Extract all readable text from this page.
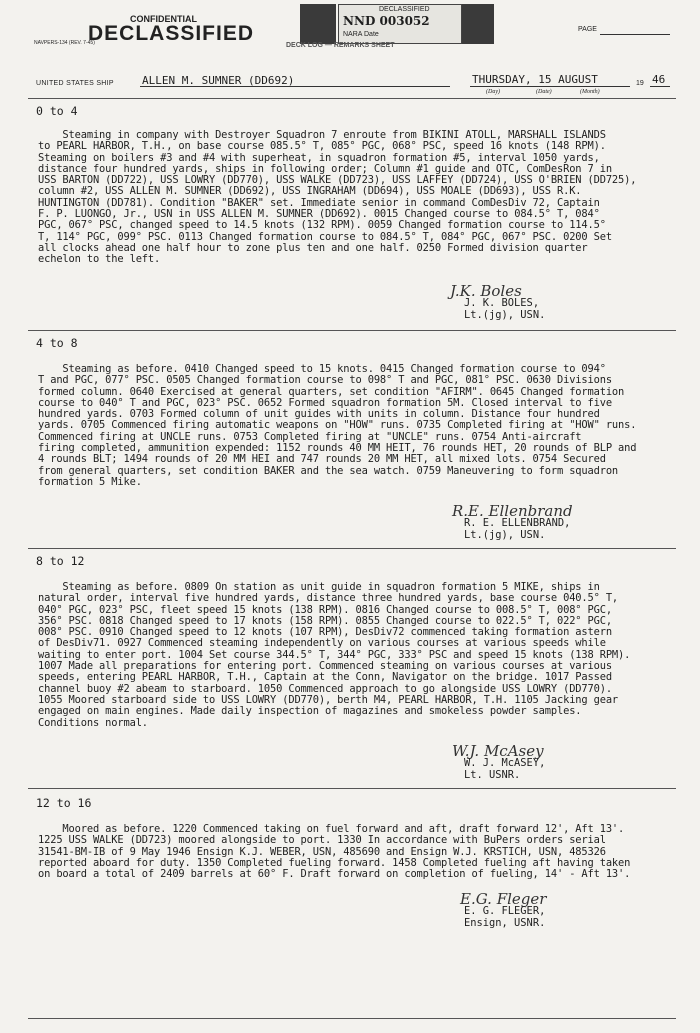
CONFIDENTIAL
DECLASSIFIED
NAVPERS-134 (REV. 7-45)
DECLASSIFIED
NND 003052
NARA Date
DECK LOG — REMARKS SHEET
PAGE
UNITED STATES SHIP	ALLEN M. SUMNER (DD692)	THURSDAY, 15 AUGUST	19 46
(Day)	(Date)	(Month)
0 to 4
Steaming in company with Destroyer Squadron 7 enroute from BIKINI ATOLL, MARSHALL ISLANDS
to PEARL HARBOR, T.H., on base course 085.5° T, 085° PGC, 068° PSC, speed 16 knots (148 RPM).
Steaming on boilers #3 and #4 with superheat, in squadron formation #5, interval 1050 yards,
distance four hundred yards, ships in following order; Column #1 guide and OTC, ComDesRon 7 in
USS BARTON (DD722), USS LOWRY (DD770), USS WALKE (DD723), USS LAFFEY (DD724), USS O'BRIEN (DD725),
column #2, USS ALLEN M. SUMNER (DD692), USS INGRAHAM (DD694), USS MOALE (DD693), USS R.K.
HUNTINGTON (DD781). Condition "BAKER" set. Immediate senior in command ComDesDiv 72, Captain
F. P. LUONGO, Jr., USN in USS ALLEN M. SUMNER (DD692). 0015 Changed course to 084.5° T, 084°
PGC, 067° PSC, changed speed to 14.5 knots (132 RPM). 0059 Changed formation course to 114.5°
T, 114° PGC, 099° PSC. 0113 Changed formation course to 084.5° T, 084° PGC, 067° PSC. 0200 Set
all clocks ahead one half hour to zone plus ten and one half. 0250 Formed division quarter
echelon to the left.
J.K. Boles
J. K. BOLES,
Lt.(jg), USN.
4 to 8
Steaming as before. 0410 Changed speed to 15 knots. 0415 Changed formation course to 094°
T and PGC, 077° PSC. 0505 Changed formation course to 098° T and PGC, 081° PSC. 0630 Divisions
formed column. 0640 Exercised at general quarters, set condition "AFIRM". 0645 Changed formation
course to 040° T and PGC, 023° PSC. 0652 Formed squadron formation 5M. Closed interval to five
hundred yards. 0703 Formed column of unit guides with units in column. Distance four hundred
yards. 0705 Commenced firing automatic weapons on "HOW" runs. 0735 Completed firing at "HOW" runs.
Commenced firing at UNCLE runs. 0753 Completed firing at "UNCLE" runs. 0754 Anti-aircraft
firing completed, ammunition expended: 1152 rounds 40 MM HEIT, 76 rounds HET, 20 rounds of BLP and
4 rounds BLT; 1494 rounds of 20 MM HEI and 747 rounds 20 MM HET, all mixed lots. 0754 Secured
from general quarters, set condition BAKER and the sea watch. 0759 Maneuvering to form squadron
formation 5 Mike.
R.E. Ellenbrand
R. E. ELLENBRAND,
Lt.(jg), USN.
8 to 12
Steaming as before. 0809 On station as unit guide in squadron formation 5 MIKE, ships in
natural order, interval five hundred yards, distance three hundred yards, base course 040.5° T,
040° PGC, 023° PSC, fleet speed 15 knots (138 RPM). 0816 Changed course to 008.5° T, 008° PGC,
356° PSC. 0818 Changed speed to 17 knots (158 RPM). 0855 Changed course to 022.5° T, 022° PGC,
008° PSC. 0910 Changed speed to 12 knots (107 RPM), DesDiv72 commenced taking formation astern
of DesDiv71. 0927 Commenced steaming independently on various courses at various speeds while
waiting to enter port. 1004 Set course 344.5° T, 344° PGC, 333° PSC and speed 15 knots (138 RPM).
1007 Made all preparations for entering port. Commenced steaming on various courses at various
speeds, entering PEARL HARBOR, T.H., Captain at the Conn, Navigator on the bridge. 1017 Passed
channel buoy #2 abeam to starboard. 1050 Commenced approach to go alongside USS LOWRY (DD770).
1055 Moored starboard side to USS LOWRY (DD770), berth M4, PEARL HARBOR, T.H. 1105 Jacking gear
engaged on main engines. Made daily inspection of magazines and smokeless powder samples.
Conditions normal.
W.J. McAsey
W. J. McASEY,
Lt. USNR.
12 to 16
Moored as before. 1220 Commenced taking on fuel forward and aft, draft forward 12', Aft 13'.
1225 USS WALKE (DD723) moored alongside to port. 1330 In accordance with BuPers orders serial
31541-BM-IB of 9 May 1946 Ensign K.J. WEBER, USN, 485690 and Ensign W.J. KRSTICH, USN, 485326
reported aboard for duty. 1350 Completed fueling forward. 1458 Completed fueling aft having taken
on board a total of 2409 barrels at 60° F. Draft forward on completion of fueling, 14' - Aft 13'.
E.G. Fleger
E. G. FLEGER,
Ensign, USNR.
